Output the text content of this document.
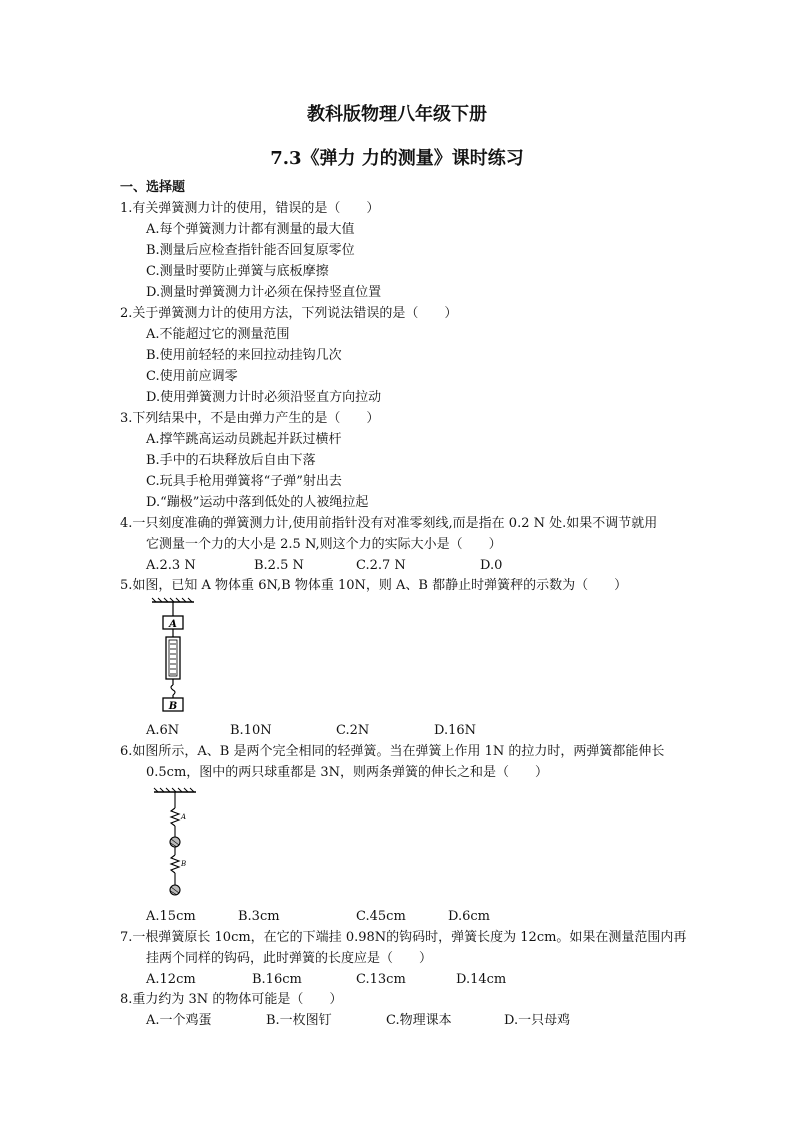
教科版物理八年级下册
7.3《弹力 力的测量》课时练习
一、选择题
1.有关弹簧测力计的使用，错误的是（　　）
A.每个弹簧测力计都有测量的最大值
B.测量后应检查指针能否回复原零位
C.测量时要防止弹簧与底板摩擦
D.测量时弹簧测力计必须在保持竖直位置
2.关于弹簧测力计的使用方法，下列说法错误的是（　　）
A.不能超过它的测量范围
B.使用前轻轻的来回拉动挂钩几次
C.使用前应调零
D.使用弹簧测力计时必须沿竖直方向拉动
3.下列结果中，不是由弹力产生的是（　　）
A.撑竿跳高运动员跳起并跃过横杆
B.手中的石块释放后自由下落
C.玩具手枪用弹簧将“子弹”射出去
D.“蹦极”运动中落到低处的人被绳拉起
4.一只刻度准确的弹簧测力计,使用前指针没有对准零刻线,而是指在 0.2 N 处.如果不调节就用
它测量一个力的大小是 2.5 N,则这个力的实际大小是（　　）
A.2.3 N	B.2.5 N	C.2.7 N	D.0
5.如图，已知 A 物体重 6N,B 物体重 10N，则 A、B 都静止时弹簧秤的示数为（　　）
A
B
A.6N	B.10N	C.2N	D.16N
6.如图所示，A、B 是两个完全相同的轻弹簧。当在弹簧上作用 1N 的拉力时，两弹簧都能伸长
0.5cm，图中的两只球重都是 3N，则两条弹簧的伸长之和是（　　）
A
B
A.15cm	B.3cm	C.45cm	D.6cm
7.一根弹簧原长 10cm，在它的下端挂 0.98N的钩码时，弹簧长度为 12cm。如果在测量范围内再
挂两个同样的钩码，此时弹簧的长度应是（　　）
A.12cm	B.16cm	C.13cm	D.14cm
8.重力约为 3N 的物体可能是（　　）
A.一个鸡蛋	B.一枚图钉	C.物理课本	D.一只母鸡
